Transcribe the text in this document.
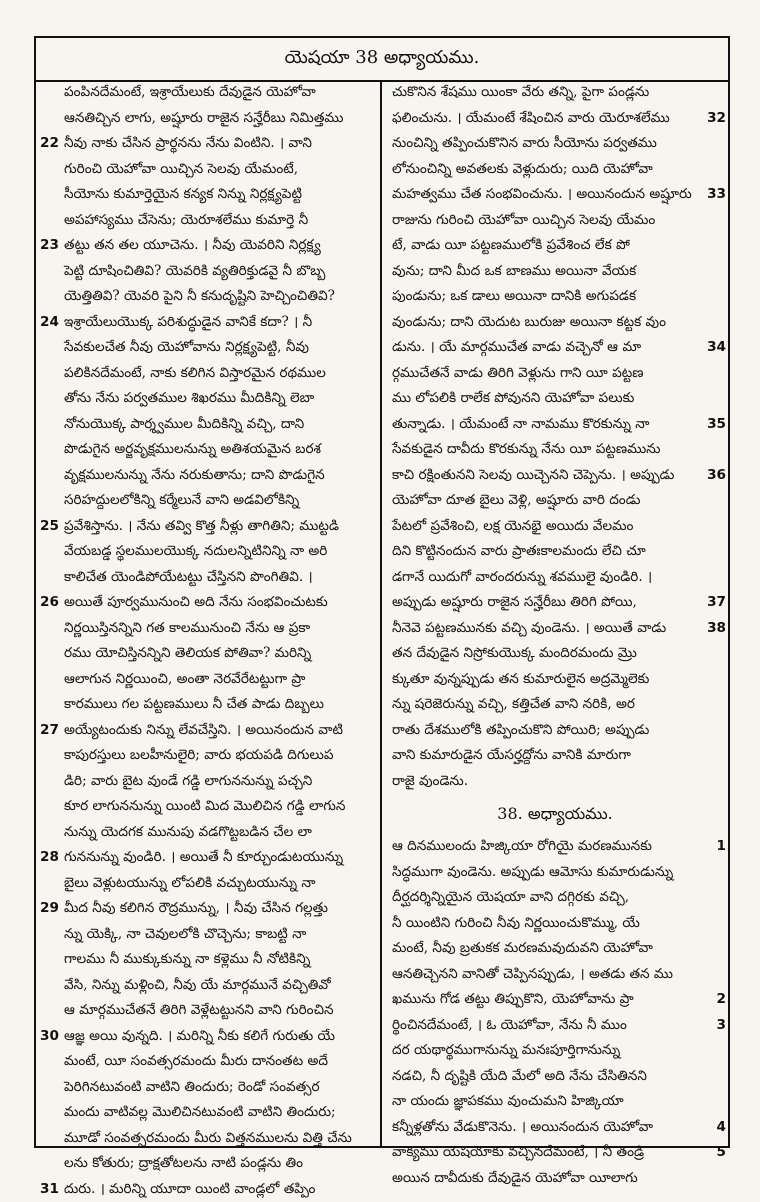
యెషయా 38 అధ్యాయము.
పంపినదేమంటే, ఇశ్రాయేలుకు దేవుడైన యెహోవా
ఆనతిచ్చిన లాగు, అష్షూరు రాజైన సన్హేరీబు నిమిత్తము
22 నీవు నాకు చేసిన ప్రార్థనను నేను వింటిని. । వాని
గురించి యెహోవా యిచ్చిన సెలవు యేమంటే,
సీయోను కుమార్తెయైన కన్యక నిన్ను నిర్లక్ష్యపెట్టి
అపహాస్యము చేసెను; యెరూశలేము కుమార్తె నీ
23 తట్టు తన తల యూచెను. । నీవు యెవరిని నిర్లక్ష్య
పెట్టి దూషించితివి? యెవరికి వ్యతిరిక్తుడవై నీ బొబ్బ
యెత్తితివి? యెవరి పైని నీ కనుదృష్టిని హెచ్చించితివి?
24 ఇశ్రాయేలుయొక్క పరిశుద్ధుడైన వానికే కదా? । నీ
సేవకులచేత నీవు యెహోవాను నిర్లక్ష్యపెట్టి, నీవు
పలికినదేమంటే, నాకు కలిగిన విస్తారమైన రథముల
తోను నేను పర్వతముల శిఖరము మీదికిన్ని లెబా
నోనుయొక్క పార్శ్వముల మీదికిన్ని వచ్చి, దాని
పొడుగైన అర్జవృక్షములనున్ను అతిశయమైన బరశ
వృక్షములనున్ను నేను నరుకుతాను; దాని పొడుగైన
సరిహద్దులలోకిన్ని కర్మేలునే వాని అడవిలోకిన్ని
25 ప్రవేశిస్తాను. । నేను తవ్వి కొత్త నీళ్లు తాగితిని; ముట్టడి
వేయబడ్డ స్థలములయొక్క నదులన్నిటినిన్ని నా అరి
కాలిచేత యెండిపోయేటట్టు చేస్తినని పొంగితివి. ।
26 అయితే పూర్వమునుంచి అది నేను సంభవించుటకు
నిర్ణయిస్తినన్నిని గత కాలమునుంచి నేను ఆ ప్రకా
రము యోచిస్తినన్నిని తెలియక పోతివా? మరిన్ని
ఆలాగున నిర్ణయించి, అంతా నెరవేరేటట్టుగా ప్రా
కారములు గల పట్టణములు నీ చేత పాడు దిబ్బలు
27 అయ్యేటందుకు నిన్ను లేవచేస్తిని. । అయినందున వాటి
కాపురస్తులు బలహీనులైరి; వారు భయపడి దిగులుప
డిరి; వారు బైట వుండే గడ్డి లాగుననున్ను పచ్చని
కూర లాగుననున్ను యింటి మిద మొలిచిన గడ్డి లాగున
నున్ను యెదగక మునుపు వడగొట్టబడిన చేల లా
28 గుననున్ను వుండిరి. । అయితే నీ కూర్చుండుటయున్ను
బైలు వెళ్లుటయున్ను లోపలికి వచ్చుటయున్ను నా
29 మీద నీవు కలిగిన రౌద్రమున్ను, । నీవు చేసిన గల్లత్తు
న్ను యెక్కి, నా చెవులలోకి చొచ్చెను; కాబట్టి నా
గాలము నీ ముక్కుకున్ను నా కళ్లెము నీ నోటికిన్ని
వేసి, నిన్ను మళ్లించి, నీవు యే మార్గమునే వచ్చితివో
ఆ మార్గముచేతనే తిరిగి వెళ్లేటట్టునని వాని గురించిన
30 ఆజ్ఞ అయి వున్నది. । మరిన్ని నీకు కలిగే గురుతు యే
మంటే, యీ సంవత్సరమందు మీరు దానంతట అదే
పెరిగినటువంటి వాటిని తిందురు; రెండో సంవత్సర
మందు వాటివల్ల మొలిచినటువంటి వాటిని తిందురు;
మూడో సంవత్సరమందు మీరు విత్తనములను విత్తి చేను
లను కోతురు; ద్రాక్షతోటలను నాటి పండ్లను తిం
31 దురు. । మరిన్ని యూదా యింటి వాండ్లలో తప్పిం
చుకొనిన శేషము యింకా వేరు తన్ని, పైగా పండ్లను
32
ఫలించును. । యేమంటే శేషించిన వారు యెరూశలేము
నుంచిన్ని తప్పించుకొనిన వారు సీయోను పర్వతము
లోనుంచిన్ని అవతలకు వెళ్లుదురు; యిది యెహోవా
33
మహత్వము చేత సంభవించును. । అయినందున అష్షూరు
రాజును గురించి యెహోవా యిచ్చిన సెలవు యేమం
టే, వాడు యీ పట్టణములోకి ప్రవేశించ లేక పో
వును; దాని మీద ఒక బాణము అయినా వేయక
పుండును; ఒక డాలు అయినా దానికి అగుపడక
వుండును; దాని యెదుట బురుజు అయినా కట్టక వుం
34
డును. । యే మార్గముచేత వాడు వచ్చెనో ఆ మా
ర్గముచేతనే వాడు తిరిగి వెళ్లును గాని యీ పట్టణ
ము లోపలికి రాలేక పోవునని యెహోవా పలుకు
35
తున్నాడు. । యేమంటే నా నామము కొరకున్ను నా
సేవకుడైన దావీదు కొరకున్ను నేను యీ పట్టణమును
36
కాచి రక్షింతునని సెలవు యిచ్చెనని చెప్పెను. । అప్పుడు
యెహోవా దూత బైలు వెళ్లి, అష్షూరు వారి దండు
పేటలో ప్రవేశించి, లక్ష యెనభై అయిదు వేలమం
దిని కొట్టినందున వారు ప్రాతఃకాలమందు లేచి చూ
డగానే యిదుగో వారందరున్ను శవములై వుండిరి. ।
37
అప్పుడు అష్షూరు రాజైన సన్హేరీబు తిరిగి పోయి,
38
నీనెవె పట్టణమునకు వచ్చి వుండెను. । అయితే వాడు
తన దేవుడైన నిస్రోకుయొక్క మందిరమందు మ్రొ
క్కుతూ వున్నప్పుడు తన కుమారులైన అద్రమ్మెలెకు
న్ను షరెజెరున్ను వచ్చి, కత్తిచేత వాని నరికి, అర
రాతు దేశములోకి తప్పించుకొని పోయిరి; అప్పుడు
వాని కుమారుడైన యేసర్హద్దోను వానికి మారుగా
రాజై వుండెను.
38. అధ్యాయము.
1
ఆ దినములందు హిజ్కియా రోగియై మరణమునకు
సిద్ధముగా వుండెను. అప్పుడు ఆమోసు కుమారుడున్ను
దీర్ఘదర్శిన్నియైన యెషయా వాని దగ్గిరకు వచ్చి,
నీ యింటిని గురించి నీవు నిర్ణయించుకొమ్ము, యే
మంటే, నీవు బ్రతుకక మరణమవుదువని యెహోవా
ఆనతిచ్చెనని వానితో చెప్పినప్పుడు, । అతడు తన ము
2
ఖమును గోడ తట్టు తిప్పుకొని, యెహోవాను ప్రా
3
ర్థించినదేమంటే, । ఓ యెహోవా, నేను నీ ముం
దర యథార్థముగానున్ను మనఃపూర్తిగానున్ను
నడచి, నీ దృష్టికి యేది మేలో అది నేను చేసితినని
నా యందు జ్ఞాపకము వుంచుమని హిజ్కియా
4
కన్నీళ్లతోను వేడుకొనెను. । అయినందున యెహోవా
5
వాక్యము యెషయాకు వచ్చినదేమంటే, । నీ తండ్రి
అయిన దావీదుకు దేవుడైన యెహోవా యీలాగు
